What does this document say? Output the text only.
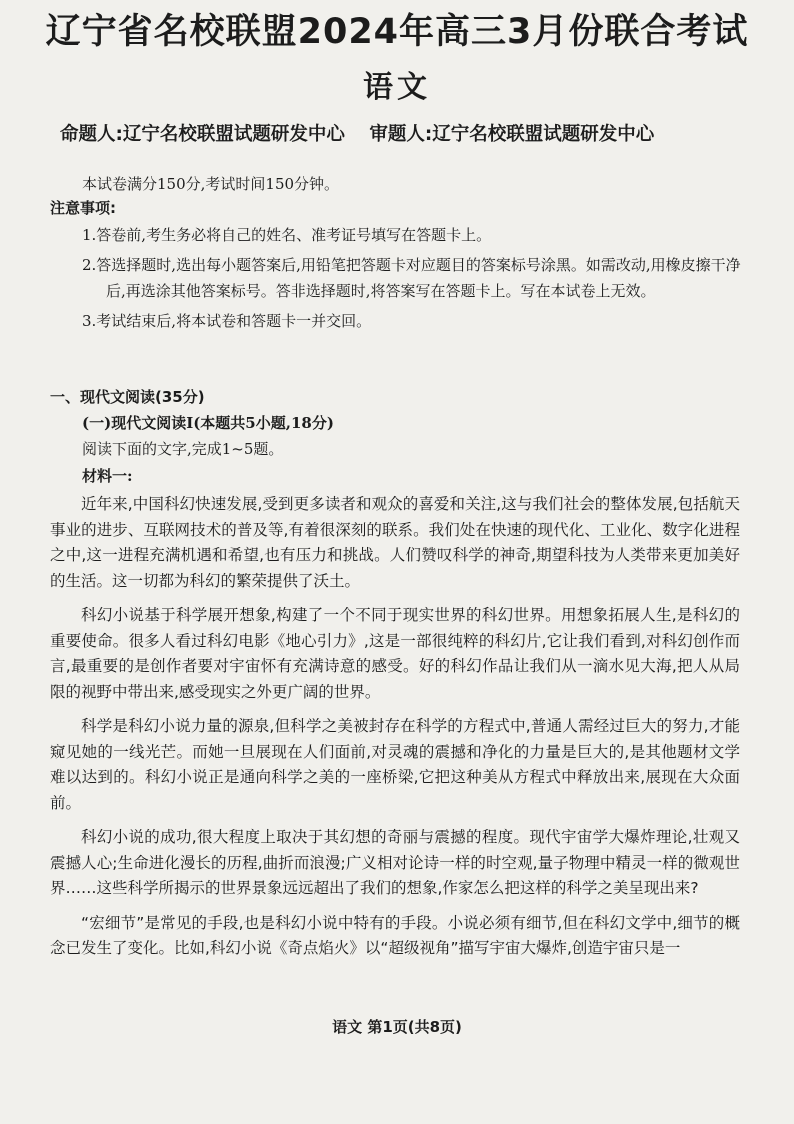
辽宁省名校联盟2024年高三3月份联合考试
语文
命题人:辽宁名校联盟试题研发中心 审题人:辽宁名校联盟试题研发中心
本试卷满分150分,考试时间150分钟。
注意事项:
1.答卷前,考生务必将自己的姓名、准考证号填写在答题卡上。
2.答选择题时,选出每小题答案后,用铅笔把答题卡对应题目的答案标号涂黑。如需改动,用橡皮擦干净后,再选涂其他答案标号。答非选择题时,将答案写在答题卡上。写在本试卷上无效。
3.考试结束后,将本试卷和答题卡一并交回。
一、现代文阅读(35分)
(一)现代文阅读Ⅰ(本题共5小题,18分)
阅读下面的文字,完成1~5题。
材料一:

近年来,中国科幻快速发展,受到更多读者和观众的喜爱和关注,这与我们社会的整体发展,包括航天事业的进步、互联网技术的普及等,有着很深刻的联系。我们处在快速的现代化、工业化、数字化进程之中,这一进程充满机遇和希望,也有压力和挑战。人们赞叹科学的神奇,期望科技为人类带来更加美好的生活。这一切都为科幻的繁荣提供了沃土。

科幻小说基于科学展开想象,构建了一个不同于现实世界的科幻世界。用想象拓展人生,是科幻的重要使命。很多人看过科幻电影《地心引力》,这是一部很纯粹的科幻片,它让我们看到,对科幻创作而言,最重要的是创作者要对宇宙怀有充满诗意的感受。好的科幻作品让我们从一滴水见大海,把人从局限的视野中带出来,感受现实之外更广阔的世界。

科学是科幻小说力量的源泉,但科学之美被封存在科学的方程式中,普通人需经过巨大的努力,才能窥见她的一线光芒。而她一旦展现在人们面前,对灵魂的震撼和净化的力量是巨大的,是其他题材文学难以达到的。科幻小说正是通向科学之美的一座桥梁,它把这种美从方程式中释放出来,展现在大众面前。

科幻小说的成功,很大程度上取决于其幻想的奇丽与震撼的程度。现代宇宙学大爆炸理论,壮观又震撼人心;生命进化漫长的历程,曲折而浪漫;广义相对论诗一样的时空观,量子物理中精灵一样的微观世界……这些科学所揭示的世界景象远远超出了我们的想象,作家怎么把这样的科学之美呈现出来?

“宏细节”是常见的手段,也是科幻小说中特有的手段。小说必须有细节,但在科幻文学中,细节的概念已发生了变化。比如,科幻小说《奇点焰火》以“超级视角”描写宇宙大爆炸,创造宇宙只是一

语文 第1页(共8页)
